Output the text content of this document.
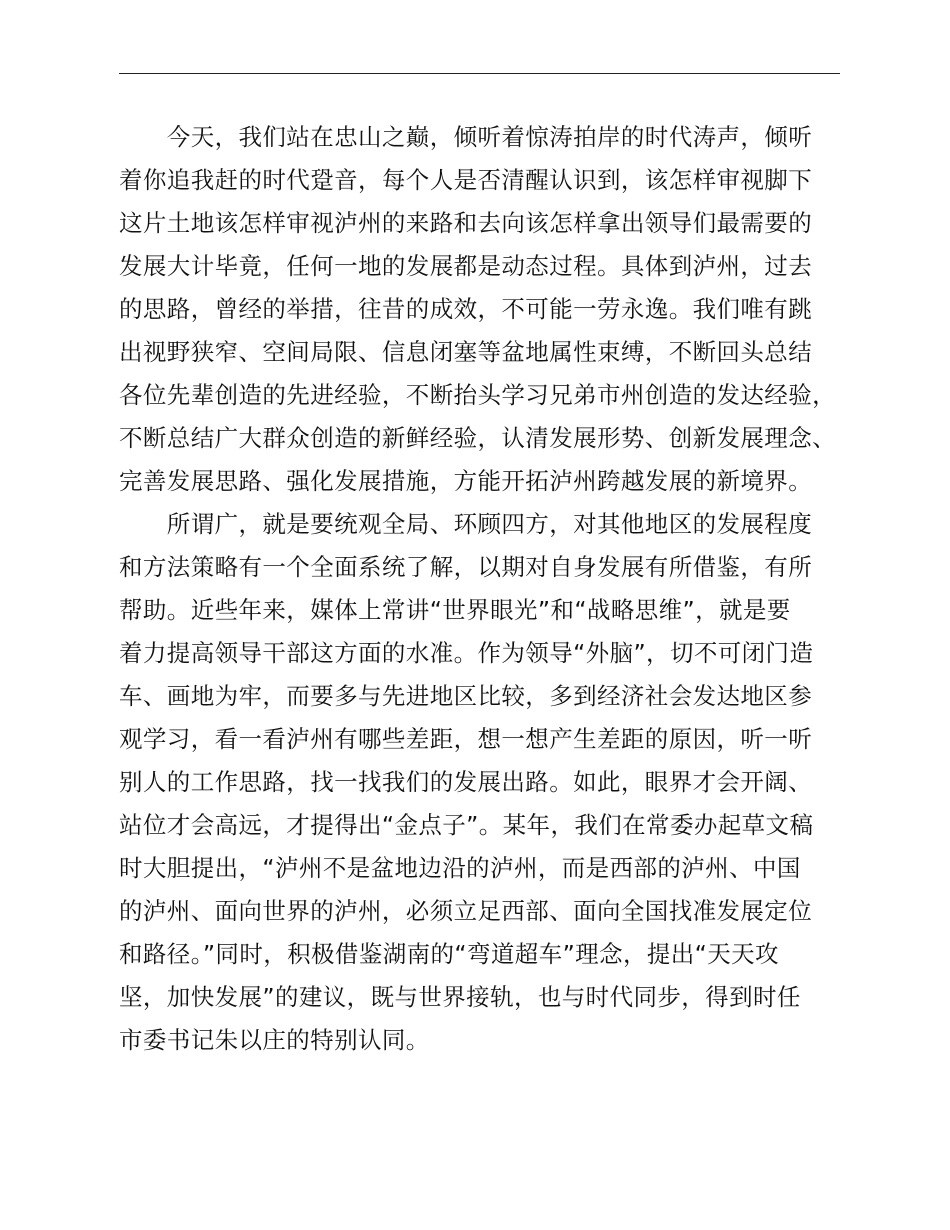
　　今天，我们站在忠山之巅，倾听着惊涛拍岸的时代涛声，倾听

着你追我赶的时代跫音，每个人是否清醒认识到，该怎样审视脚下

这片土地该怎样审视泸州的来路和去向该怎样拿出领导们最需要的

发展大计毕竟，任何一地的发展都是动态过程。具体到泸州，过去

的思路，曾经的举措，往昔的成效，不可能一劳永逸。我们唯有跳

出视野狭窄、空间局限、信息闭塞等盆地属性束缚，不断回头总结

各位先辈创造的先进经验，不断抬头学习兄弟市州创造的发达经验，

不断总结广大群众创造的新鲜经验，认清发展形势、创新发展理念、

完善发展思路、强化发展措施，方能开拓泸州跨越发展的新境界。

　　所谓广，就是要统观全局、环顾四方，对其他地区的发展程度

和方法策略有一个全面系统了解，以期对自身发展有所借鉴，有所

帮助。近些年来，媒体上常讲“世界眼光”和“战略思维”，就是要

着力提高领导干部这方面的水准。作为领导“外脑”，切不可闭门造

车、画地为牢，而要多与先进地区比较，多到经济社会发达地区参

观学习，看一看泸州有哪些差距，想一想产生差距的原因，听一听

别人的工作思路，找一找我们的发展出路。如此，眼界才会开阔、

站位才会高远，才提得出“金点子”。某年，我们在常委办起草文稿

时大胆提出，“泸州不是盆地边沿的泸州，而是西部的泸州、中国

的泸州、面向世界的泸州，必须立足西部、面向全国找准发展定位

和路径。”同时，积极借鉴湖南的“弯道超车”理念，提出“天天攻

坚，加快发展”的建议，既与世界接轨，也与时代同步，得到时任

市委书记朱以庄的特别认同。
